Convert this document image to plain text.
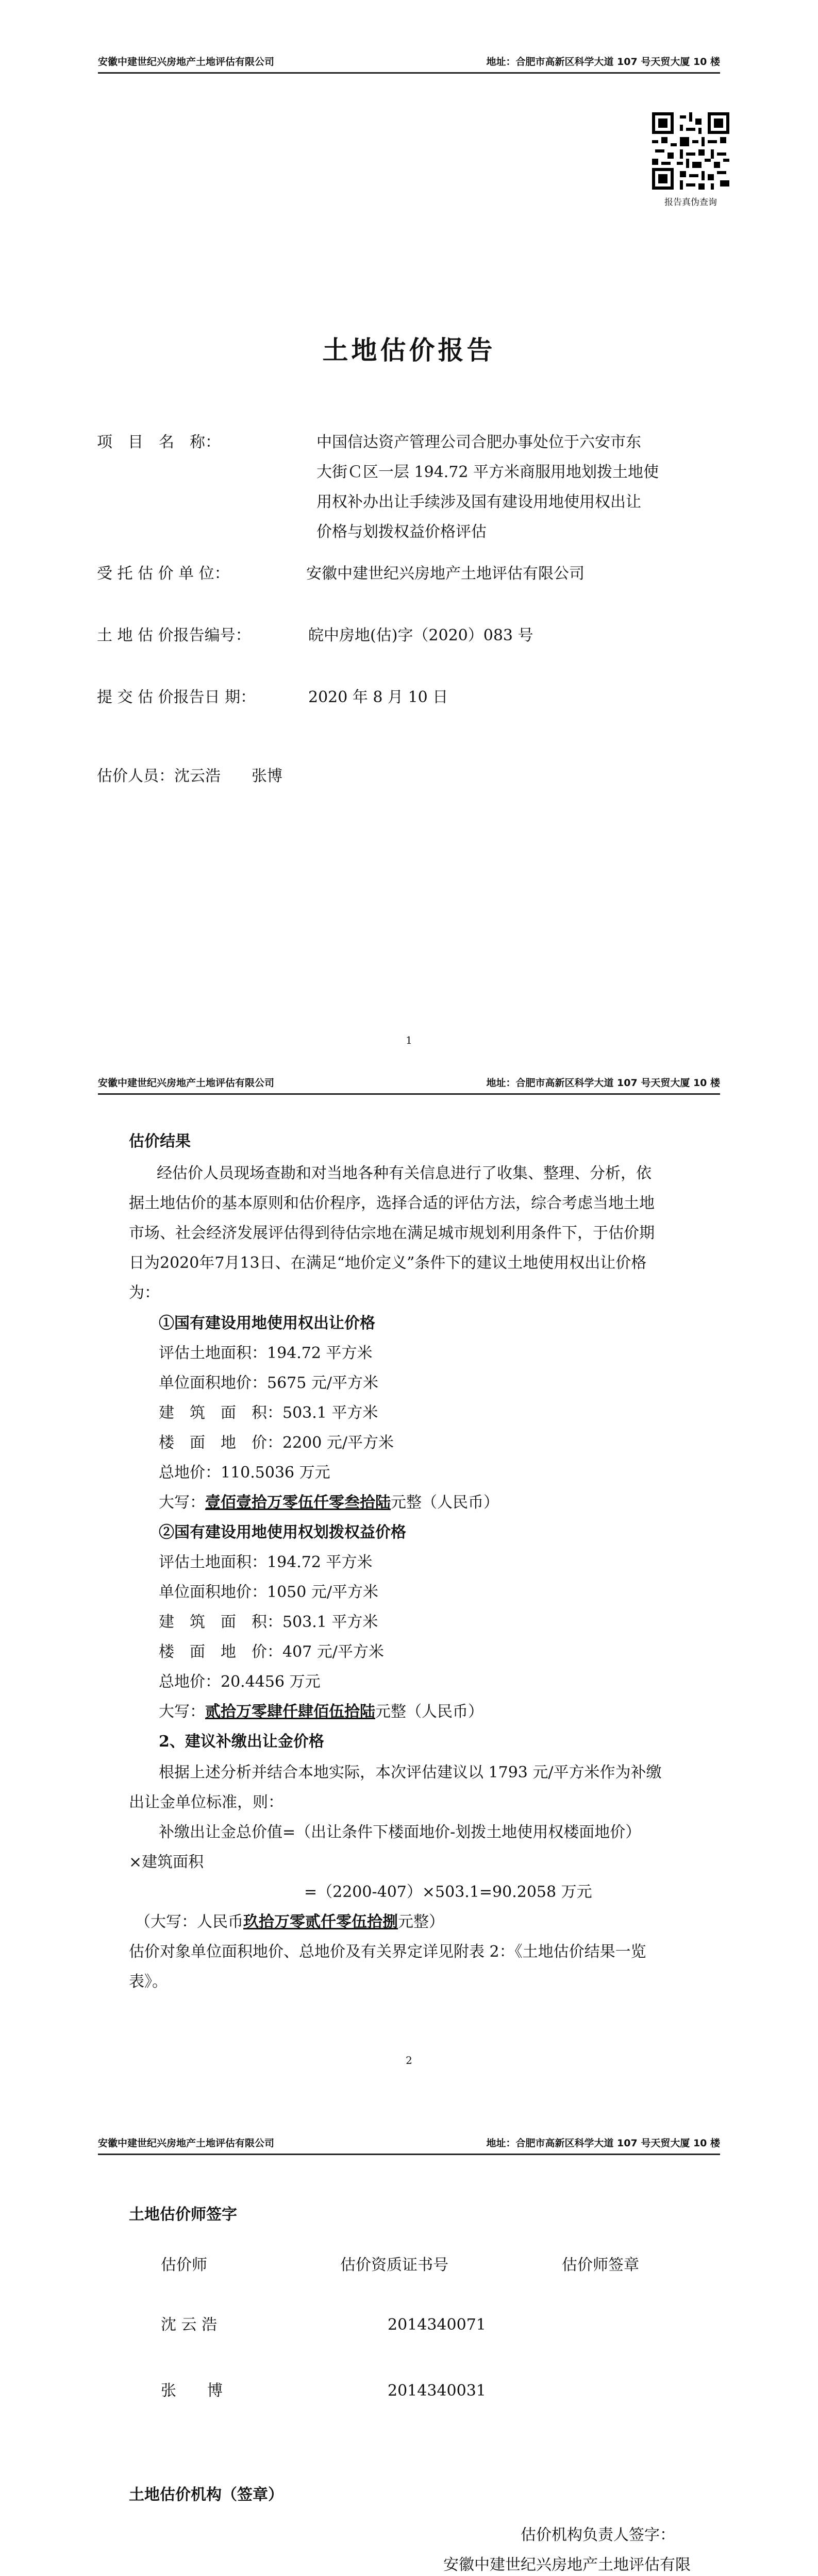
安徽中建世纪兴房地产土地评估有限公司	地址：合肥市高新区科学大道 107 号天贸大厦 10 楼
报告真伪查询
土地估价报告
项　目　名　称：	中国信达资产管理公司合肥办事处位于六安市东
大街Ｃ区一层 194.72 平方米商服用地划拨土地使
用权补办出让手续涉及国有建设用地使用权出让
价格与划拨权益价格评估
受 托 估 价 单 位：	安徽中建世纪兴房地产土地评估有限公司
土 地 估 价报告编号：	皖中房地(估)字（2020）083 号
提 交 估 价报告日 期：	2020 年 8 月 10 日
估价人员：沈云浩　　张博
1
安徽中建世纪兴房地产土地评估有限公司	地址：合肥市高新区科学大道 107 号天贸大厦 10 楼
估价结果
经估价人员现场查勘和对当地各种有关信息进行了收集、整理、分析，依
据土地估价的基本原则和估价程序，选择合适的评估方法，综合考虑当地土地
市场、社会经济发展评估得到待估宗地在满足城市规划利用条件下，于估价期
日为2020年7月13日、在满足“地价定义”条件下的建议土地使用权出让价格
为：
①国有建设用地使用权出让价格
评估土地面积：194.72 平方米
单位面积地价：5675 元/平方米
建　筑　面　积：503.1 平方米
楼　面　地　价：2200 元/平方米
总地价：110.5036 万元
大写：壹佰壹拾万零伍仟零叁拾陆元整（人民币）
②国有建设用地使用权划拨权益价格
评估土地面积：194.72 平方米
单位面积地价：1050 元/平方米
建　筑　面　积：503.1 平方米
楼　面　地　价：407 元/平方米
总地价：20.4456 万元
大写：贰拾万零肆仟肆佰伍拾陆元整（人民币）
2、建议补缴出让金价格
根据上述分析并结合本地实际，本次评估建议以 1793 元/平方米作为补缴
出让金单位标准，则：
补缴出让金总价值=（出让条件下楼面地价-划拨土地使用权楼面地价）
×建筑面积
=（2200-407）×503.1=90.2058 万元
（大写：人民币玖拾万零贰仟零伍拾捌元整）
估价对象单位面积地价、总地价及有关界定详见附表 2：《土地估价结果一览
表》。
2
安徽中建世纪兴房地产土地评估有限公司	地址：合肥市高新区科学大道 107 号天贸大厦 10 楼
土地估价师签字
估价师	估价资质证书号	估价师签章
沈 云 浩	2014340071
张　　博	2014340031
土地估价机构（签章）
估价机构负责人签字：
安徽中建世纪兴房地产土地评估有限
